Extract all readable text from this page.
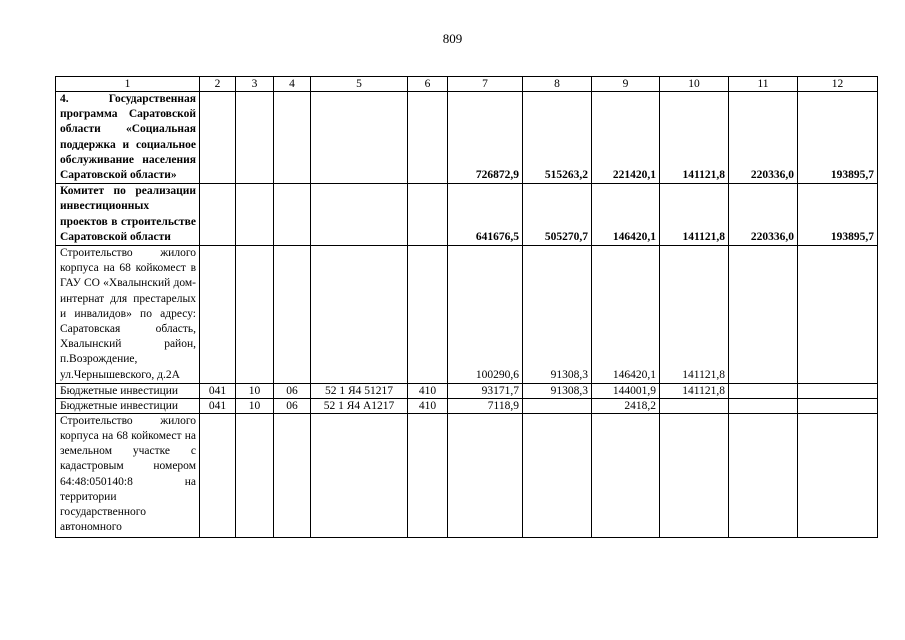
809
1	2	3	4	5	6	7	8	9	10	11	12
4. Государственная программа Саратовской области «Социальная поддержка и социальное обслуживание населения Саратовской области»						726872,9	515263,2	221420,1	141121,8	220336,0	193895,7
Комитет по реализации инвестиционных проектов в строительстве Саратовской области						641676,5	505270,7	146420,1	141121,8	220336,0	193895,7
Строительство жилого корпуса на 68 койкомест в ГАУ СО «Хвалынский дом-интернат для престарелых и инвалидов» по адресу: Саратовская область, Хвалынский район, п.Возрождение, ул.Чернышевского, д.2А						100290,6	91308,3	146420,1	141121,8		
Бюджетные инвестиции	041	10	06	52 1 Я4 51217	410	93171,7	91308,3	144001,9	141121,8		
Бюджетные инвестиции	041	10	06	52 1 Я4 А1217	410	7118,9		2418,2			
Строительство жилого корпуса на 68 койкомест на земельном участке с кадастровым номером 64:48:050140:8 на территории государственного автономного											
